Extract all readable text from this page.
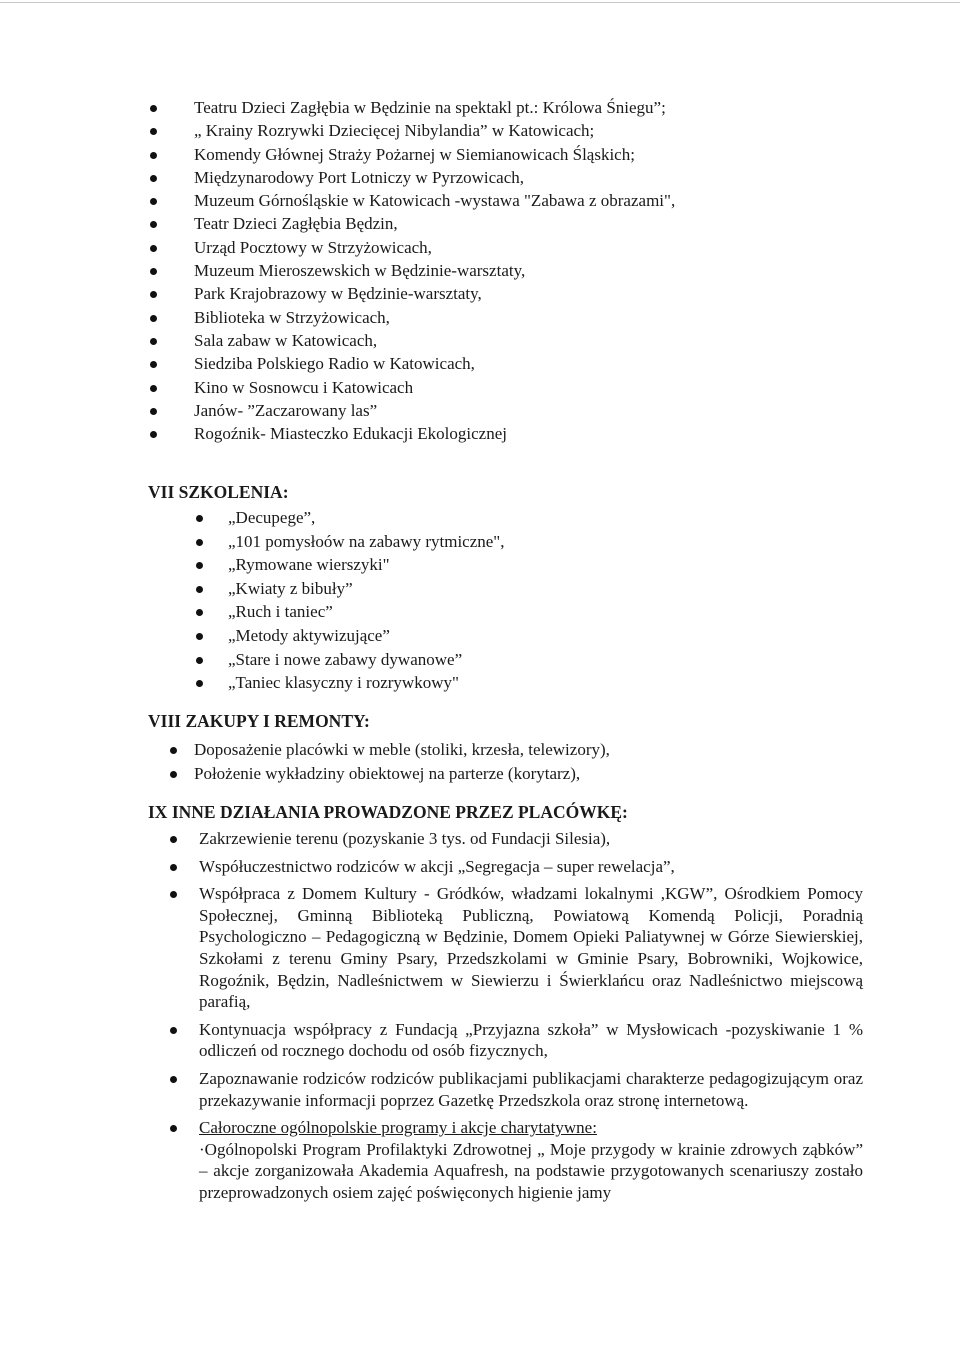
Teatru Dzieci Zagłębia w Będzinie na spektakl pt.: Królowa Śniegu”;
„ Krainy Rozrywki Dziecięcej Nibylandia” w Katowicach;
Komendy Głównej Straży Pożarnej w Siemianowicach Śląskich;
Międzynarodowy Port Lotniczy w Pyrzowicach,
Muzeum Górnośląskie w Katowicach -wystawa "Zabawa z obrazami",
Teatr Dzieci Zagłębia Będzin,
Urząd Pocztowy w Strzyżowicach,
Muzeum Mieroszewskich w Będzinie-warsztaty,
Park Krajobrazowy w Będzinie-warsztaty,
Biblioteka w Strzyżowicach,
Sala zabaw w Katowicach,
Siedziba Polskiego Radio w Katowicach,
Kino w Sosnowcu i Katowicach
Janów- ”Zaczarowany las”
Rogoźnik- Miasteczko Edukacji Ekologicznej
VII SZKOLENIA:
„Decupege”,
„101 pomysłoów na zabawy rytmiczne",
„Rymowane wierszyki"
„Kwiaty z bibuły”
„Ruch i taniec”
„Metody aktywizujące”
„Stare i nowe zabawy dywanowe”
„Taniec klasyczny i rozrywkowy"
VIII ZAKUPY I REMONTY:
Doposażenie placówki w meble (stoliki, krzesła, telewizory),
Położenie wykładziny obiektowej na parterze (korytarz),
IX INNE DZIAŁANIA PROWADZONE PRZEZ PLACÓWKĘ:

Zakrzewienie terenu (pozyskanie 3 tys. od Fundacji Silesia),

Współuczestnictwo rodziców w akcji „Segregacja – super rewelacja”,

Współpraca z Domem Kultury - Gródków, władzami lokalnymi ,KGW”, Ośrodkiem Pomocy Społecznej, Gminną Biblioteką Publiczną, Powiatową Komendą Policji, Poradnią Psychologiczno – Pedagogiczną w Będzinie, Domem Opieki Paliatywnej w Górze Siewierskiej, Szkołami z terenu Gminy Psary, Przedszkolami w Gminie Psary, Bobrowniki, Wojkowice, Rogoźnik, Będzin, Nadleśnictwem w Siewierzu i Świerklańcu oraz Nadleśnictwo miejscową parafią,

Kontynuacja współpracy z Fundacją „Przyjazna szkoła” w Mysłowicach -pozyskiwanie 1 % odliczeń od rocznego dochodu od osób fizycznych,

Zapoznawanie rodziców rodziców publikacjami publikacjami charakterze pedagogizującym oraz przekazywanie informacji poprzez Gazetkę Przedszkola oraz stronę internetową.

Całoroczne ogólnopolskie programy i akcje charytatywne:

·Ogólnopolski Program Profilaktyki Zdrowotnej „ Moje przygody w krainie zdrowych ząbków” – akcje zorganizowała Akademia Aquafresh, na podstawie przygotowanych scenariuszy zostało przeprowadzonych osiem zajęć poświęconych higienie jamy
